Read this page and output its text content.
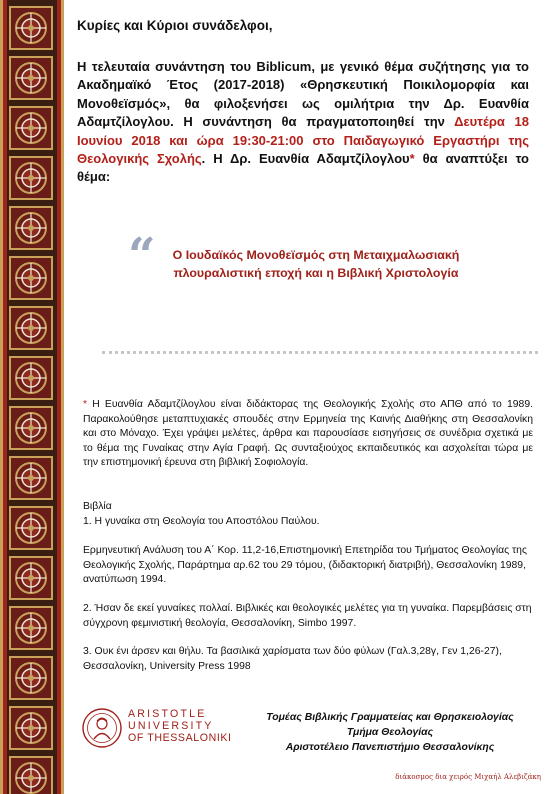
Κυρίες και Κύριοι συνάδελφοι,
Η τελευταία συνάντηση του Biblicum, με γενικό θέμα συζήτησης για το Ακαδημαϊκό Έτος (2017-2018) «Θρησκευτική Ποικιλομορφία και Μονοθεϊσμός», θα φιλοξενήσει ως ομιλήτρια την Δρ. Ευανθία Αδαμτζίλογλου. Η συνάντηση θα πραγματοποιηθεί την Δευτέρα 18 Ιουνίου 2018 και ώρα 19:30-21:00 στο Παιδαγωγικό Εργαστήρι της Θεολογικής Σχολής. Η Δρ. Ευανθία Αδαμτζίλογλου* θα αναπτύξει το θέμα:
“	Ο Ιουδαϊκός Μονοθεϊσμός στη Μεταιχμαλωσιακή πλουραλιστική εποχή και η Βιβλική Χριστολογία
* Η Ευανθία Αδαμτζίλογλου είναι διδάκτορας της Θεολογικής Σχολής στο ΑΠΘ από το 1989. Παρακολούθησε μεταπτυχιακές σπουδές στην Ερμηνεία της Καινής Διαθήκης στη Θεσσαλονίκη και στο Μόναχο. Έχει γράψει μελέτες, άρθρα και παρουσίασε εισηγήσεις σε συνέδρια σχετικά με το θέμα της Γυναίκας στην Αγία Γραφή. Ως συνταξιούχος εκπαιδευτικός και ασχολείται τώρα με την επιστημονική έρευνα στη βιβλική Σοφιολογία.
Βιβλία
1. Η γυναίκα στη Θεολογία του Αποστόλου Παύλου.
Ερμηνευτική Ανάλυση του Α΄ Κορ. 11,2-16,Επιστημονική Επετηρίδα του Τμήματος Θεολογίας της Θεολογικής Σχολής, Παράρτημα αρ.62 του 29 τόμου, (διδακτορική διατριβή), Θεσσαλονίκη 1989, ανατύπωση 1994.
2. Ήσαν δε εκεί γυναίκες πολλαί. Βιβλικές και θεολογικές μελέτες για τη γυναίκα. Παρεμβάσεις στη σύγχρονη φεμινιστική θεολογία, Θεσσαλονίκη, Simbo 1997.
3. Ουκ ένι άρσεν και θήλυ. Τα βασιλικά χαρίσματα των δύο φύλων (Γαλ.3,28γ, Γεν 1,26-27), Θεσσαλονίκη, University Press 1998
ARISTOTLE
UNIVERSITY
OF THESSALONIKI
Τομέας Βιβλικής Γραμματείας και Θρησκειολογίας
Τμήμα Θεολογίας
Αριστοτέλειο Πανεπιστήμιο Θεσσαλονίκης
διάκοσμος δια χειρός Μιχαήλ Αλεβιζάκη
